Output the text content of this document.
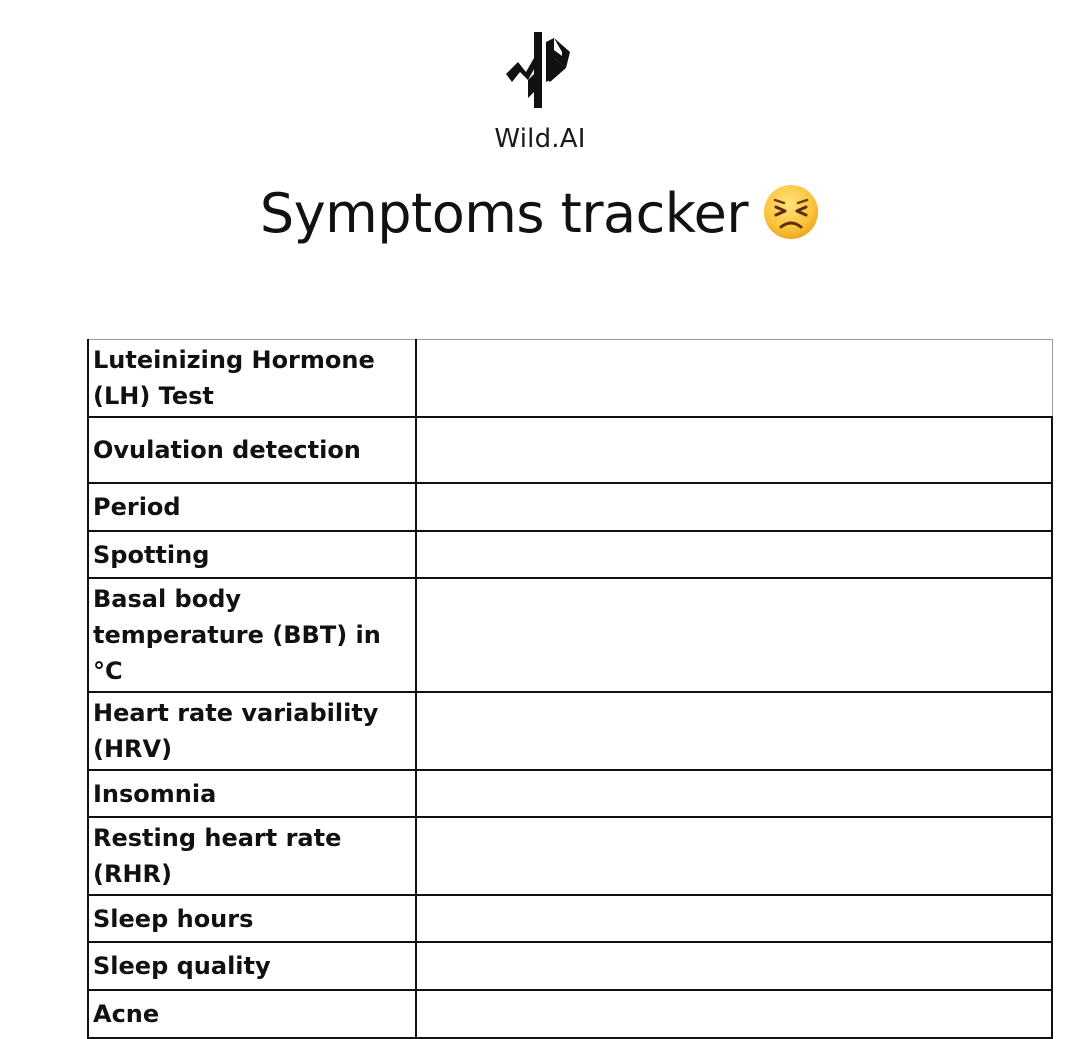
Wild.AI
Symptoms tracker
Luteinizing Hormone (LH) Test	
Ovulation detection	
Period	
Spotting	
Basal body temperature (BBT) in °C	
Heart rate variability (HRV)	
Insomnia	
Resting heart rate (RHR)	
Sleep hours	
Sleep quality	
Acne	
